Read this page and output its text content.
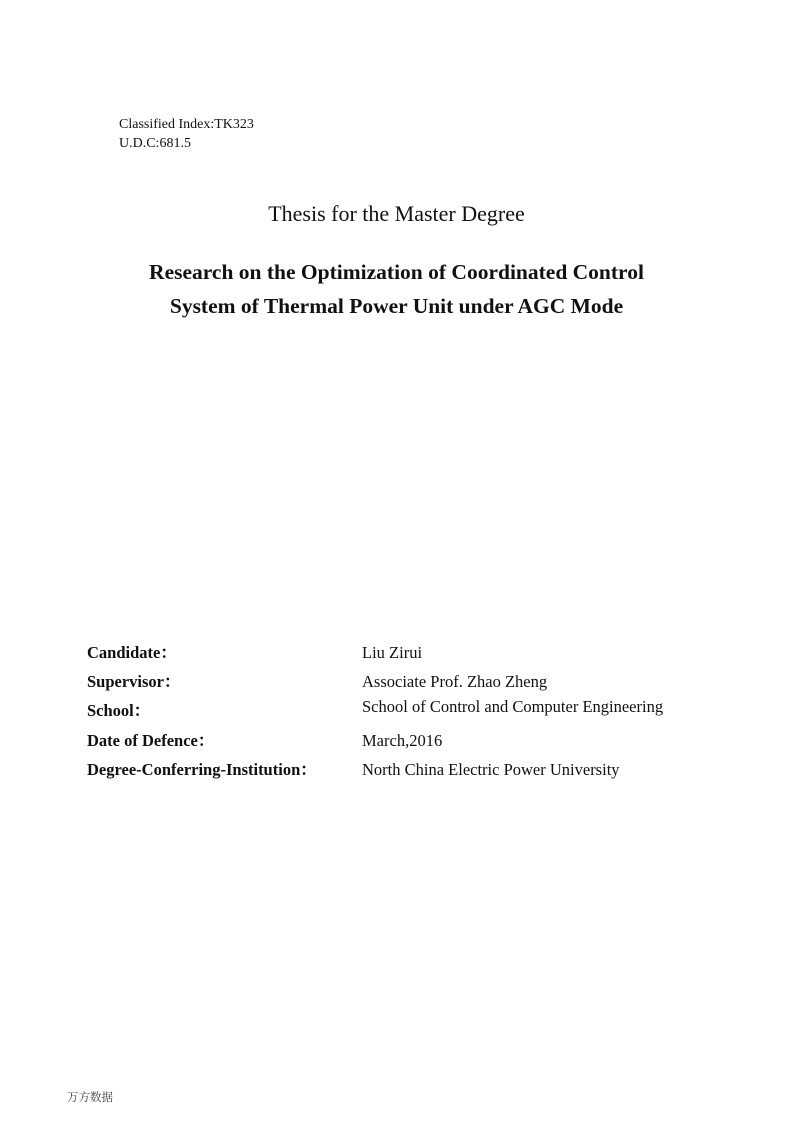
Classified Index:TK323
U.D.C:681.5
Thesis for the Master Degree
Research on the Optimization of Coordinated Control
System of Thermal Power Unit under AGC Mode
Candidate：	Liu Zirui
Supervisor：	Associate Prof. Zhao Zheng
School：	School of Control and Computer Engineering
Date of Defence：	March,2016
Degree-Conferring-Institution：	North China Electric Power University
万方数据
